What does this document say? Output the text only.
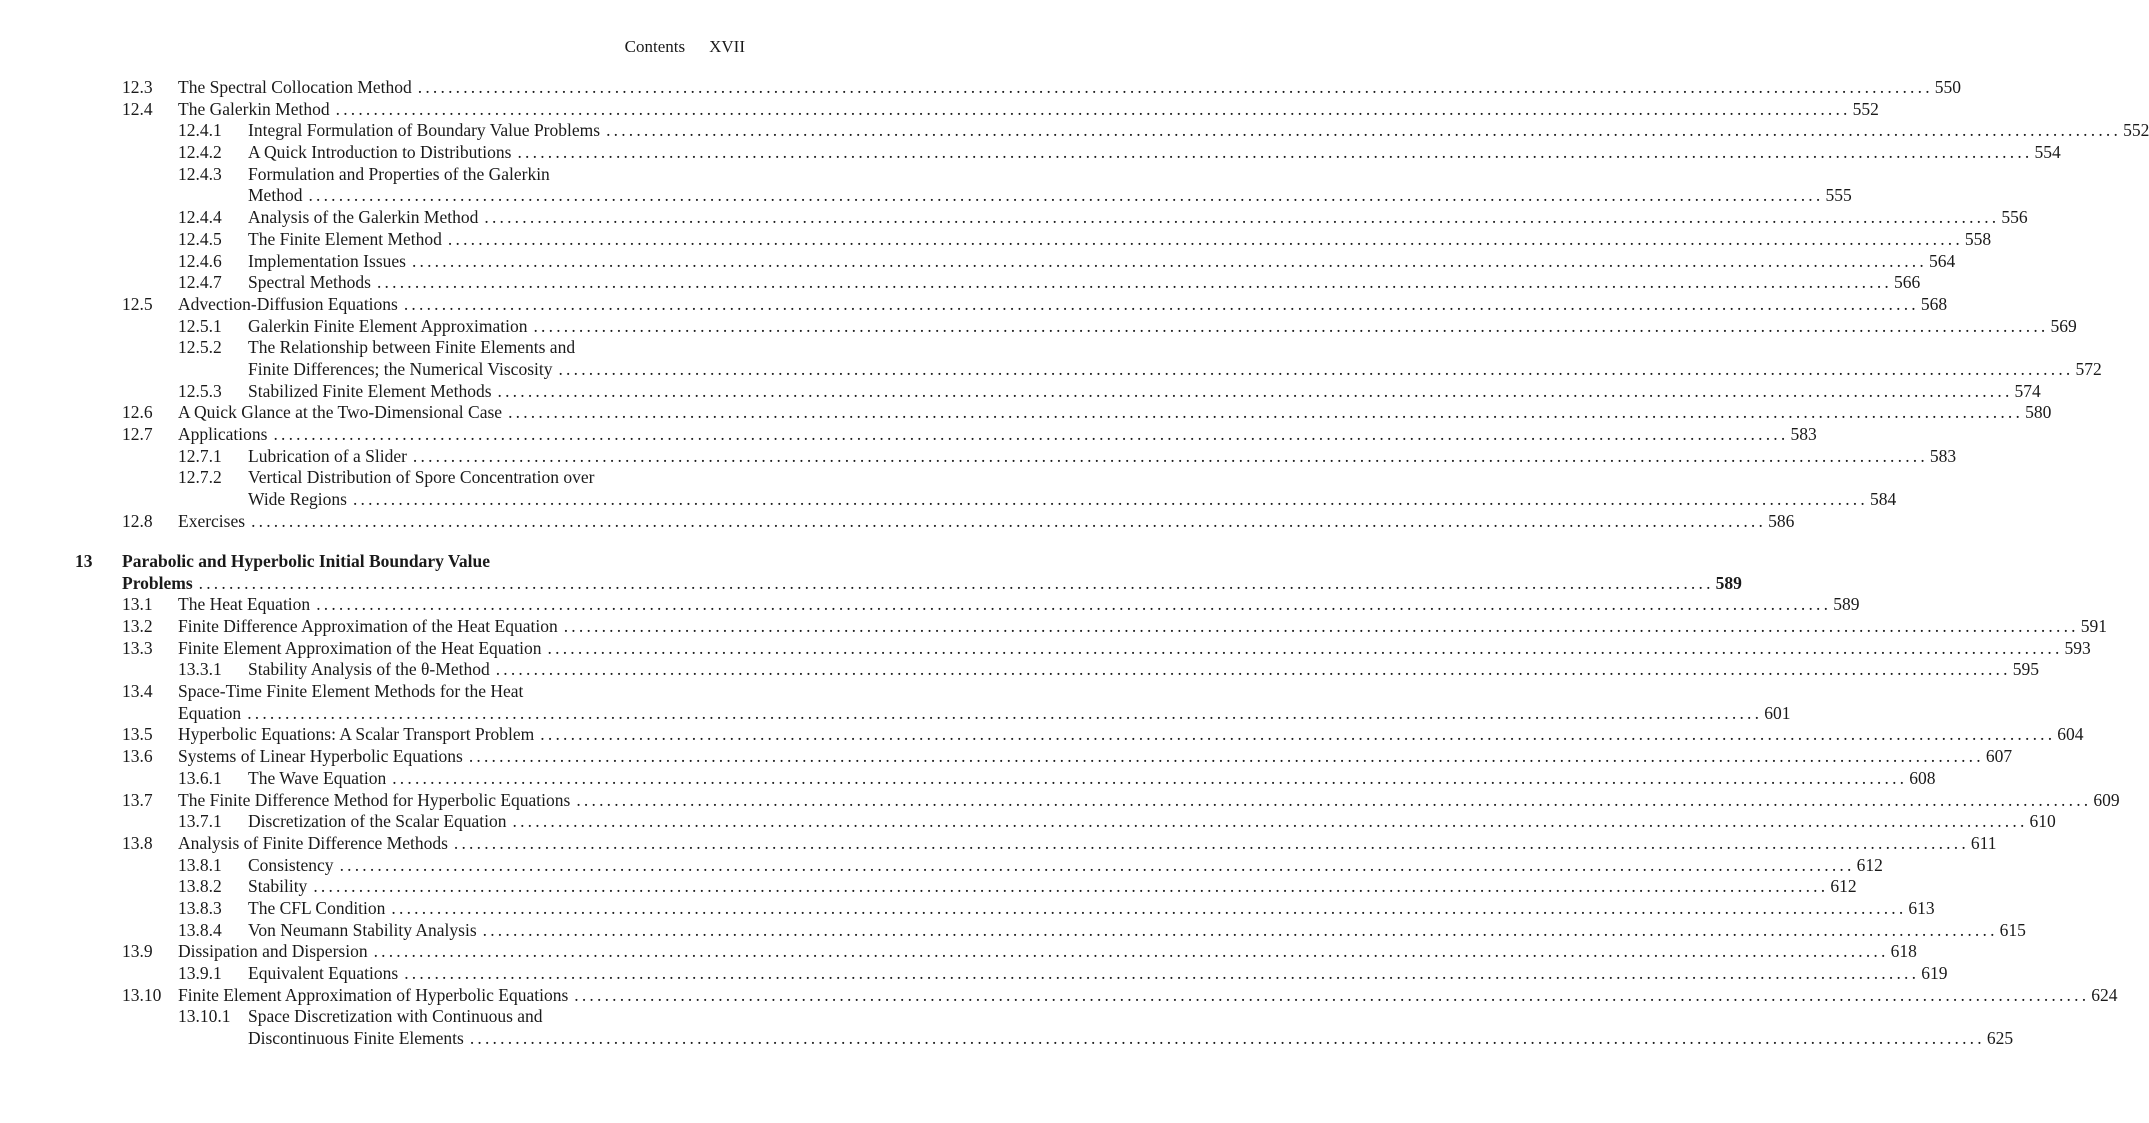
Contents XVII
12.3 The Spectral Collocation Method ........................................................................................................................................................................................................ 550
12.4 The Galerkin Method ........................................................................................................................................................................................................ 552
12.4.1 Integral Formulation of Boundary Value Problems ........................................................................................................................................................................................................ 552
12.4.2 A Quick Introduction to Distributions ........................................................................................................................................................................................................ 554
12.4.3 Formulation and Properties of the Galerkin
Method ........................................................................................................................................................................................................ 555
12.4.4 Analysis of the Galerkin Method ........................................................................................................................................................................................................ 556
12.4.5 The Finite Element Method ........................................................................................................................................................................................................ 558
12.4.6 Implementation Issues ........................................................................................................................................................................................................ 564
12.4.7 Spectral Methods ........................................................................................................................................................................................................ 566
12.5 Advection-Diffusion Equations ........................................................................................................................................................................................................ 568
12.5.1 Galerkin Finite Element Approximation ........................................................................................................................................................................................................ 569
12.5.2 The Relationship between Finite Elements and
Finite Differences; the Numerical Viscosity ........................................................................................................................................................................................................ 572
12.5.3 Stabilized Finite Element Methods ........................................................................................................................................................................................................ 574
12.6 A Quick Glance at the Two-Dimensional Case ........................................................................................................................................................................................................ 580
12.7 Applications ........................................................................................................................................................................................................ 583
12.7.1 Lubrication of a Slider ........................................................................................................................................................................................................ 583
12.7.2 Vertical Distribution of Spore Concentration over
Wide Regions ........................................................................................................................................................................................................ 584
12.8 Exercises ........................................................................................................................................................................................................ 586
13 Parabolic and Hyperbolic Initial Boundary Value
Problems ........................................................................................................................................................................................................ 589
13.1 The Heat Equation ........................................................................................................................................................................................................ 589
13.2 Finite Difference Approximation of the Heat Equation ........................................................................................................................................................................................................ 591
13.3 Finite Element Approximation of the Heat Equation ........................................................................................................................................................................................................ 593
13.3.1 Stability Analysis of the θ-Method ........................................................................................................................................................................................................ 595
13.4 Space-Time Finite Element Methods for the Heat
Equation ........................................................................................................................................................................................................ 601
13.5 Hyperbolic Equations: A Scalar Transport Problem ........................................................................................................................................................................................................ 604
13.6 Systems of Linear Hyperbolic Equations ........................................................................................................................................................................................................ 607
13.6.1 The Wave Equation ........................................................................................................................................................................................................ 608
13.7 The Finite Difference Method for Hyperbolic Equations ........................................................................................................................................................................................................ 609
13.7.1 Discretization of the Scalar Equation ........................................................................................................................................................................................................ 610
13.8 Analysis of Finite Difference Methods ........................................................................................................................................................................................................ 611
13.8.1 Consistency ........................................................................................................................................................................................................ 612
13.8.2 Stability ........................................................................................................................................................................................................ 612
13.8.3 The CFL Condition ........................................................................................................................................................................................................ 613
13.8.4 Von Neumann Stability Analysis ........................................................................................................................................................................................................ 615
13.9 Dissipation and Dispersion ........................................................................................................................................................................................................ 618
13.9.1 Equivalent Equations ........................................................................................................................................................................................................ 619
13.10 Finite Element Approximation of Hyperbolic Equations ........................................................................................................................................................................................................ 624
13.10.1 Space Discretization with Continuous and
Discontinuous Finite Elements ........................................................................................................................................................................................................ 625
